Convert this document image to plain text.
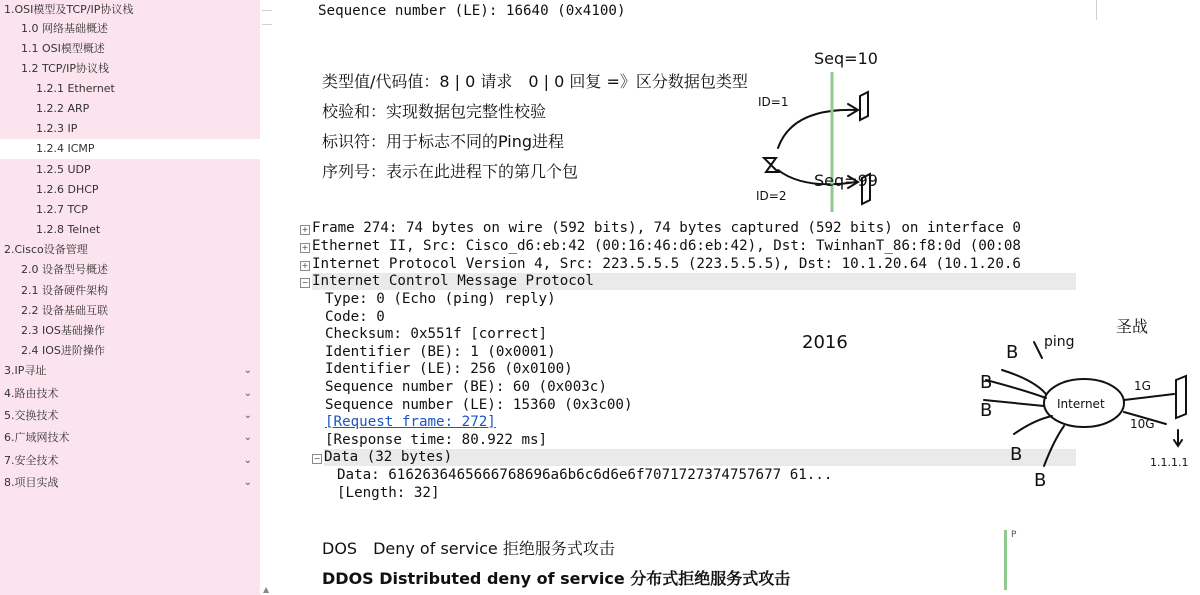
1.OSI模型及TCP/IP协议栈
1.0 网络基础概述
1.1 OSI模型概述
1.2 TCP/IP协议栈
1.2.1 Ethernet
1.2.2 ARP
1.2.3 IP
1.2.4 ICMP
1.2.5 UDP
1.2.6 DHCP
1.2.7 TCP
1.2.8 Telnet
2.Cisco设备管理
2.0 设备型号概述
2.1 设备硬件架构
2.2 设备基础互联
2.3 IOS基础操作
2.4 IOS进阶操作
3.IP寻址	⌄
4.路由技术	⌄
5.交换技术	⌄
6.广域网技术	⌄
7.安全技术	⌄
8.项目实战	⌄
▲
Sequence number (LE): 16640 (0x4100)
类型值/代码值：8 | 0 请求　0 | 0 回复 =》区分数据包类型
校验和：实现数据包完整性校验
标识符：用于标志不同的Ping进程
序列号：表示在此进程下的第几个包
Seq=10
Seq=99
ID=1
ID=2
+ Frame 274: 74 bytes on wire (592 bits), 74 bytes captured (592 bits) on interface 0
+ Ethernet II, Src: Cisco_d6:eb:42 (00:16:46:d6:eb:42), Dst: TwinhanT_86:f8:0d (00:08
+ Internet Protocol Version 4, Src: 223.5.5.5 (223.5.5.5), Dst: 10.1.20.64 (10.1.20.6
− Internet Control Message Protocol
Type: 0 (Echo (ping) reply)
Code: 0
Checksum: 0x551f [correct]
Identifier (BE): 1 (0x0001)
Identifier (LE): 256 (0x0100)
Sequence number (BE): 60 (0x003c)
Sequence number (LE): 15360 (0x3c00)
[Request frame: 272]
[Response time: 80.922 ms]
− Data (32 bytes)
Data: 6162636465666768696a6b6c6d6e6f7071727374757677 61...
[Length: 32]
2016
圣战
Internet
1G
10G
1.1.1.1
ping
B
B
B
B
B
DOS　Deny of service 拒绝服务式攻击
DDOS Distributed deny of service 分布式拒绝服务式攻击
P
